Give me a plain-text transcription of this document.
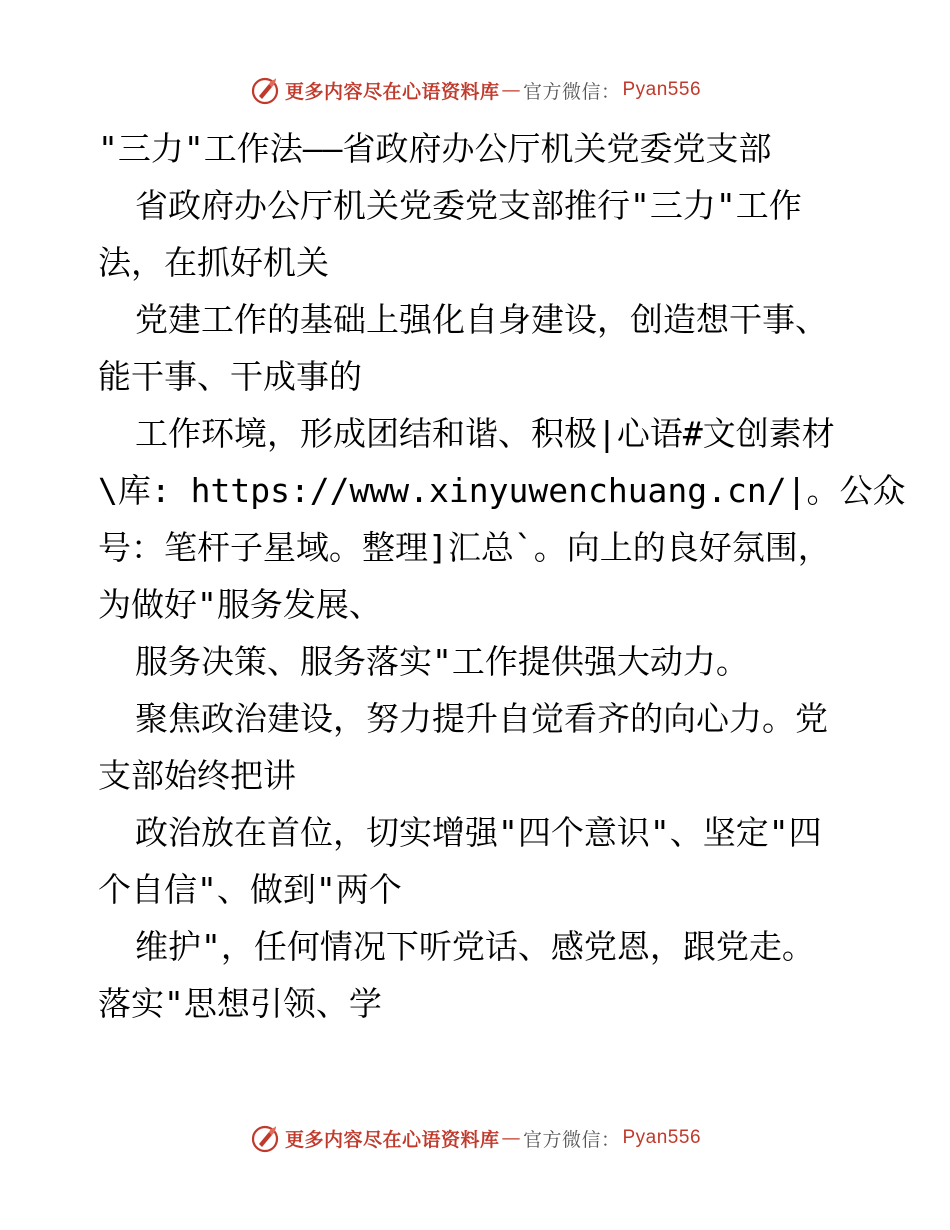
更多内容尽在心语资料库 — 官方微信： Pyan556
"三力"工作法——省政府办公厅机关党委党支部
省政府办公厅机关党委党支部推行"三力"工作
法，在抓好机关
党建工作的基础上强化自身建设，创造想干事、
能干事、干成事的
工作环境，形成团结和谐、积极|心语#文创素材
\库: https://www.xinyuwenchuang.cn/|。公众
号：笔杆子星域。整理]汇总`。向上的良好氛围，
为做好"服务发展、
服务决策、服务落实"工作提供强大动力。
聚焦政治建设，努力提升自觉看齐的向心力。党
支部始终把讲
政治放在首位，切实增强"四个意识"、坚定"四
个自信"、做到"两个
维护"，任何情况下听党话、感党恩，跟党走。
落实"思想引领、学
更多内容尽在心语资料库 — 官方微信： Pyan556
